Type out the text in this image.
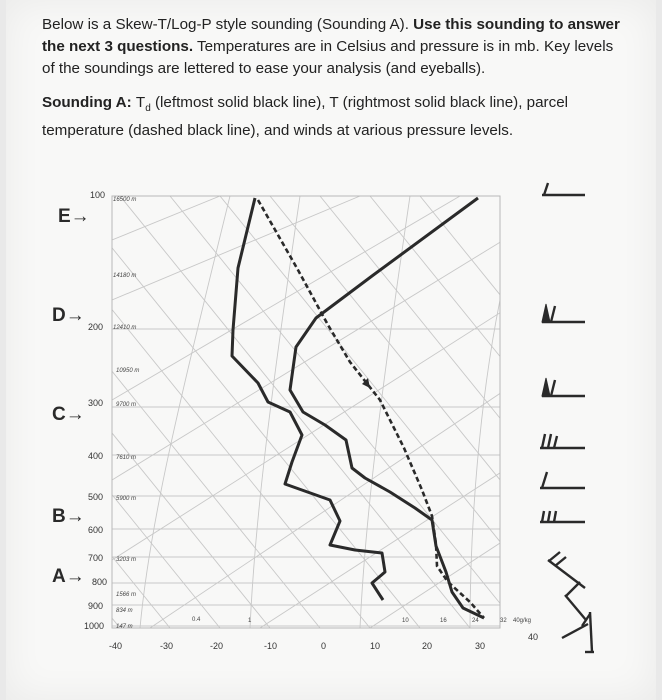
Below is a Skew-T/Log-P style sounding (Sounding A). Use this sounding to answer the next 3 questions. Temperatures are in Celsius and pressure is in mb. Key levels of the soundings are lettered to ease your analysis (and eyeballs).

Sounding A: $T_d$ (leftmost solid black line), T (rightmost solid black line), parcel temperature (dashed black line), and winds at various pressure levels.

100
200
300
400
500
600
700
800
900
1000
16500 m
14180 m
12410 m
10950 m
9700 m
7610 m
5900 m
3203 m
1566 m
834 m
147 m
E→
D→
C→
B→
A→
-40	-30	-20	-10	0	10	20	30
40
0.4	1	10	16	24	32 40g/kg
